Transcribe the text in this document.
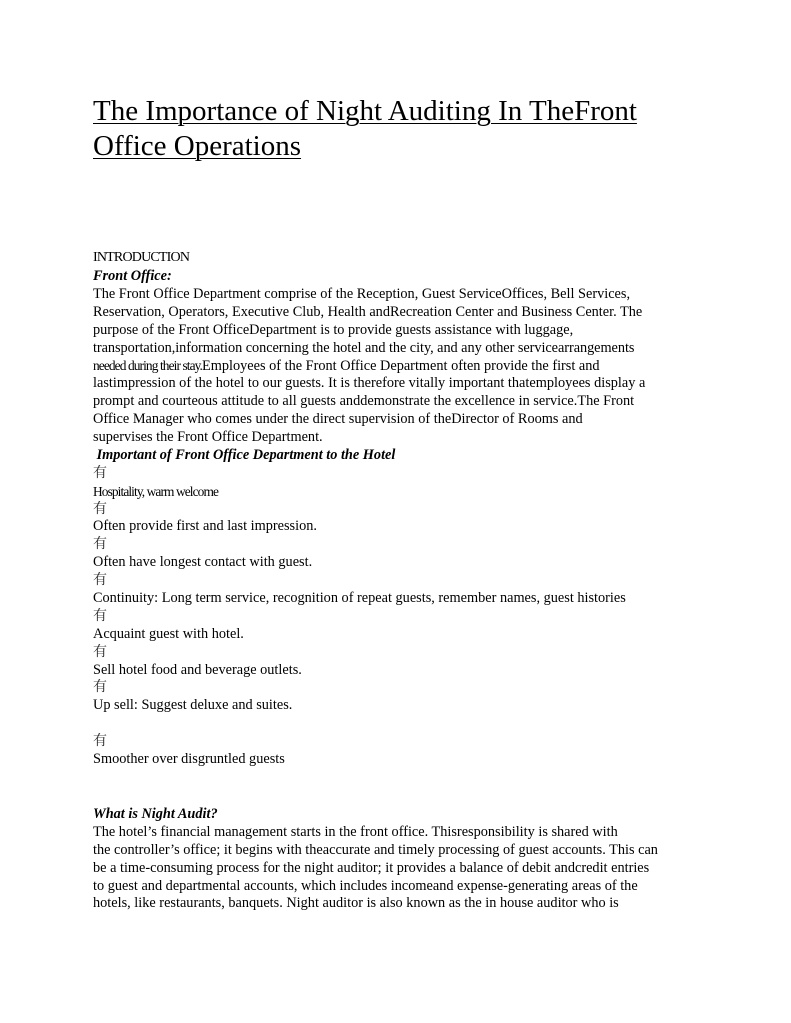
The Importance of Night Auditing In TheFront Office Operations
INTRODUCTION
Front Office:
The Front Office Department comprise of the Reception, Guest ServiceOffices, Bell Services,
Reservation, Operators, Executive Club, Health andRecreation Center and Business Center. The
purpose of the Front OfficeDepartment is to provide guests assistance with luggage,
transportation,information concerning the hotel and the city, and any other servicearrangements
needed during their stay.Employees of the Front Office Department often provide the first and
lastimpression of the hotel to our guests. It is therefore vitally important thatemployees display a
prompt and courteous attitude to all guests anddemonstrate the excellence in service.The Front
Office Manager who comes under the direct supervision of theDirector of Rooms and
supervises the Front Office Department.
Important of Front Office Department to the Hotel
有
Hospitality, warm welcome
有
Often provide first and last impression.
有
Often have longest contact with guest.
有
Continuity: Long term service, recognition of repeat guests, remember names, guest histories
有
Acquaint guest with hotel.
有
Sell hotel food and beverage outlets.
有
Up sell: Suggest deluxe and suites.
有
Smoother over disgruntled guests
What is Night Audit?
The hotel’s financial management starts in the front office. Thisresponsibility is shared with
the controller’s office; it begins with theaccurate and timely processing of guest accounts. This can
be a time-consuming process for the night auditor; it provides a balance of debit andcredit entries
to guest and departmental accounts, which includes incomeand expense-generating areas of the
hotels, like restaurants, banquets. Night auditor is also known as the in house auditor who is
